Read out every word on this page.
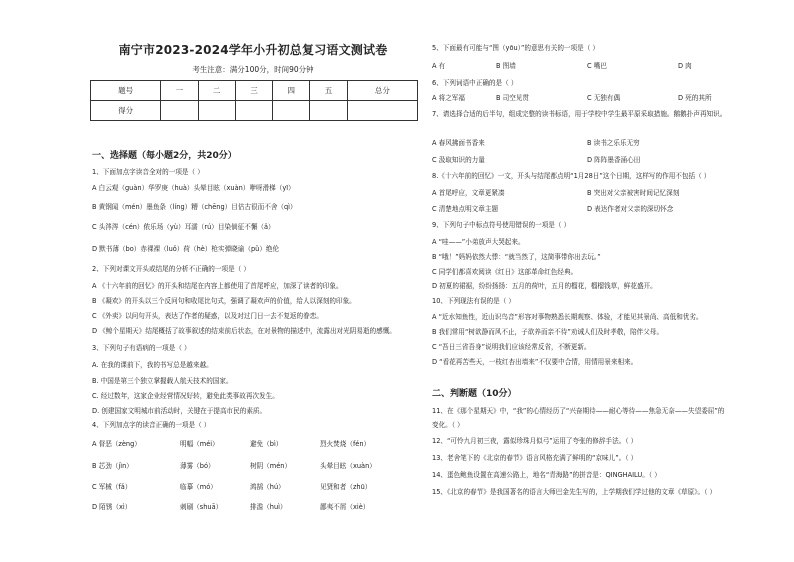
南宁市2023-2024学年小升初总复习语文测试卷
考生注意：满分100分，时间90分钟
题号	一	二	三	四	五	总分
得分						
一、选择题（每小题2分，共20分）
1、下面加点字读音全对的一项是（ ）
A 白云观（guàn）华罗庚（huà）头晕目眩（xuàn）咿呀滑梯（yī）
B 黄钢闻（mén）墨鱼条（líng）糟（chēng）目估古很而不舍（qì）
C 头涔涔（cén）侬乐场（yù）耳濡（rú）目染倘征不懈（ǎ）
D 默书薄（bo）赤裸裸（luǒ）荷（hè）枪实弹晓谕（pǔ）绝伦
2、下列对课文开头或结尾的分析不正确的一项是（ ）
A 《十六年前的回忆》的开头和结尾在内容上都使用了首尾呼应，加深了读者的印象。
B 《凝欢》的开头以三个反问句和收尾比句式，强调了凝欢声的价值，给人以深刻的印象。
C 《外卖》以问句开头，表达了作者的疑惑，以及对过门日一去不复返的眷恋。
D 《鲸个星期天》结尾概括了故事叙述的结束前后状态，在对景物的描述中，流露出对光阴易逝的感慨。
3、下列句子有语病的一项是（ ）
A. 在我的课前下，我的书写总是越来越。
B. 中国是第三个独立掌握载人航天技术的国家。
C. 经过数年，这家企业经营情况好转，避免此类事故再次发生。
D. 创建国家文明城市前活动时，关键在于提高市民的素质。
4、下列加点字的读音正确的一项是（ ）
A 督恶（zèng）	明幅（méi）	避免（bì）	烈火焚烧（fén）
B 芯劲（jìn）	薄雾（bó）	树阴（mén）	头晕目眩（xuàn）
C 军械（fǎ）	临摹（mó）	鸿鹄（hú）	见贤和者（zhū）
D 陌锈（xì）	刺刷（shuā）	排澹（huì）	鄙夷不屑（xiè）
5、下面最有可能与“图（yōu）”的意思有关的一项是（ ）
A 有	B 图墙	C 嘴巴	D 肉
6、下列词语中正确的是（ ）
A 将之军福	B 司空见贯	C 无独有偶	D 死的其所
7、请选择合适的后半句，组成完整的读书标语，用于学校中学生最平原采取措施。鹅鹅扑声再知识。
A 春风拂面书香来	B 读书之乐乐无穷
C 汲取知识的力量	D 阵阵墨香涌心田
8.《十六年前的回忆》一文，开头与结尾都点明“1月28日”这个日期，这样写的作用不包括（ ）
A 首尾呼应，文章更紧凑	B 突出对父亲被害时间记忆深刻
C 清楚地点明文章主题	D 表达作者对父亲的深切怀念
9、下列句子中标点符号使用错误的一项是（ ）
A “哇——”小弟放声大哭起来。
B “哦！”妈妈依然大悸：“就当然了，这简事带你出去玩。”
C 同学们都喜欢阅读《红日》这部革命红色经典。
D 初夏的裙裾，纷纷扬扬：五月的荷叶，五月的榴花，榴榴钱草，鲜花盛开。
10、下列现法有误的是（ ）
A “近水知鱼性，近山识鸟音”形容对事物熟悉长期观察、体验，才能见其景尚、高低和优劣。
B 我们常用“树欲静而风不止，子欲养而亲不待”劝诫人们及时孝敬，陪伴父母。
C “吾日三省吾身”说明我们应该经常反省，不断更新。
D “看花再苦些天，一枝红杏出墙来”不仅要中合情，用情用景来相来。
二、判断题（10分）
11、在《那个星期天》中，“我”的心情经历了“兴奋期待——耐心等待——焦急无奈——失望委屈”的
变化。（ ）
12、“可怜九月初三夜，露似珍珠月似弓”运用了夸张的修辞手法。（ ）
13、老舍笔下的《北京的春节》语言风格充满了鲜明的“京味儿”。（ ）
14、蛋色鲍鱼设置在高速公路上，地名“青海路”的拼音是：QINGHAILU。（ ）
15、《北京的春节》是我国著名的语言大师巴金先生写的，上学期我们学过他的文章《草原》。（ ）
